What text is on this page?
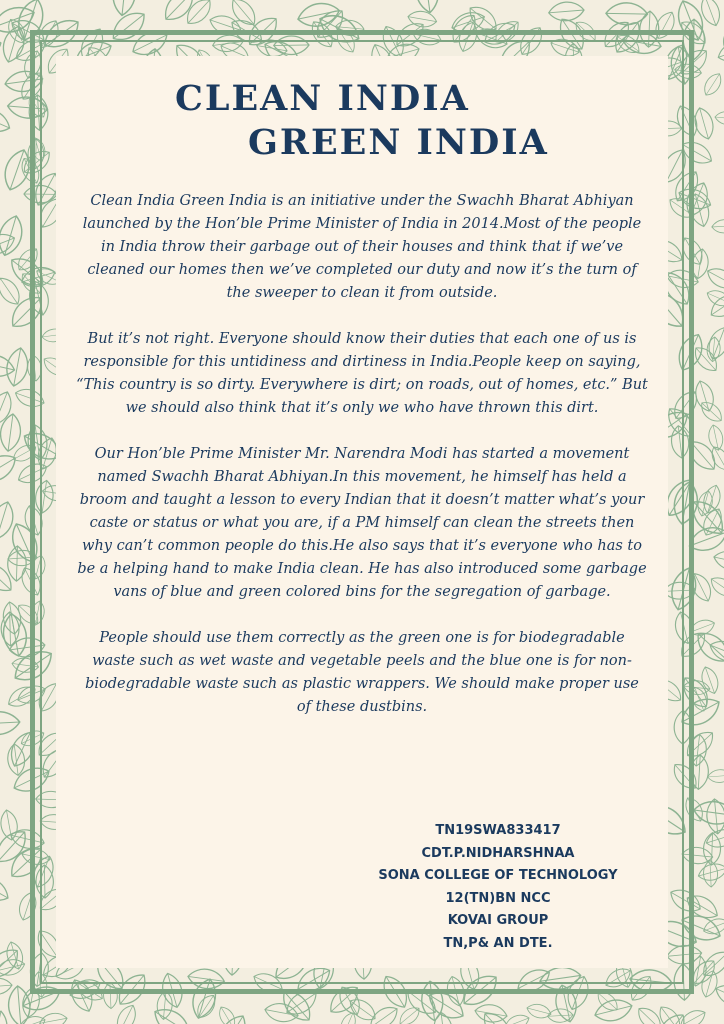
CLEAN INDIA
GREEN INDIA

Clean India Green India is an initiative under the Swachh Bharat Abhiyan launched by the Hon’ble Prime Minister of India in 2014.Most of the people in India throw their garbage out of their houses and think that if we’ve cleaned our homes then we’ve completed our duty and now it’s the turn of the sweeper to clean it from outside.

But it’s not right. Everyone should know their duties that each one of us is responsible for this untidiness and dirtiness in India.People keep on saying, “This country is so dirty. Everywhere is dirt; on roads, out of homes, etc.” But we should also think that it’s only we who have thrown this dirt.

Our Hon’ble Prime Minister Mr. Narendra Modi has started a movement named Swachh Bharat Abhiyan.In this movement, he himself has held a broom and taught a lesson to every Indian that it doesn’t matter what’s your caste or status or what you are, if a PM himself can clean the streets then why can’t common people do this.He also says that it’s everyone who has to be a helping hand to make India clean. He has also introduced some garbage vans of blue and green colored bins for the segregation of garbage.

People should use them correctly as the green one is for biodegradable waste such as wet waste and vegetable peels and the blue one is for non-biodegradable waste such as plastic wrappers. We should make proper use of these dustbins.

TN19SWA833417
CDT.P.NIDHARSHNAA
SONA COLLEGE OF TECHNOLOGY
12(TN)BN NCC
KOVAI GROUP
TN,P& AN DTE.
